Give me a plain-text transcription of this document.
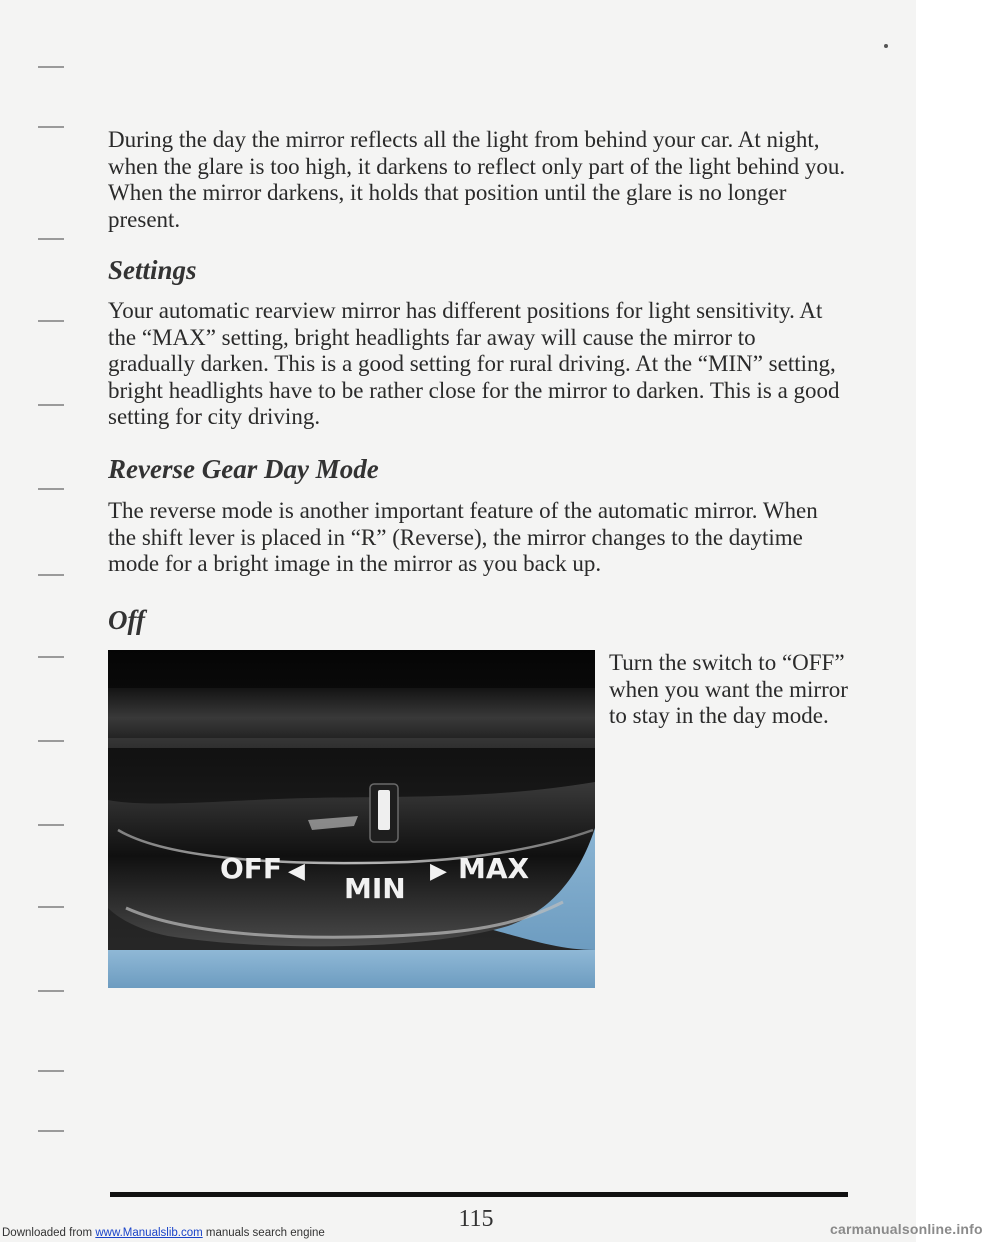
During the day the mirror reflects all the light from behind your car. At night, when the glare is too high, it darkens to reflect only part of the light behind you. When the mirror darkens, it holds that position until the glare is no longer present.

Settings

Your automatic rearview mirror has different positions for light sensitivity. At the “MAX” setting, bright headlights far away will cause the mirror to gradually darken. This is a good setting for rural driving. At the “MIN” setting, bright headlights have to be rather close for the mirror to darken. This is a good setting for city driving.

Reverse Gear Day Mode

The reverse mode is another important feature of the automatic mirror. When the shift lever is placed in “R” (Reverse), the mirror changes to the daytime mode for a bright image in the mirror as you back up.

Off
OFF ◀
MIN
▶ MAX

Turn the switch to “OFF” when you want the mirror to stay in the day mode.

115
Downloaded from www.Manualslib.com manuals search engine	carmanualsonline.info
